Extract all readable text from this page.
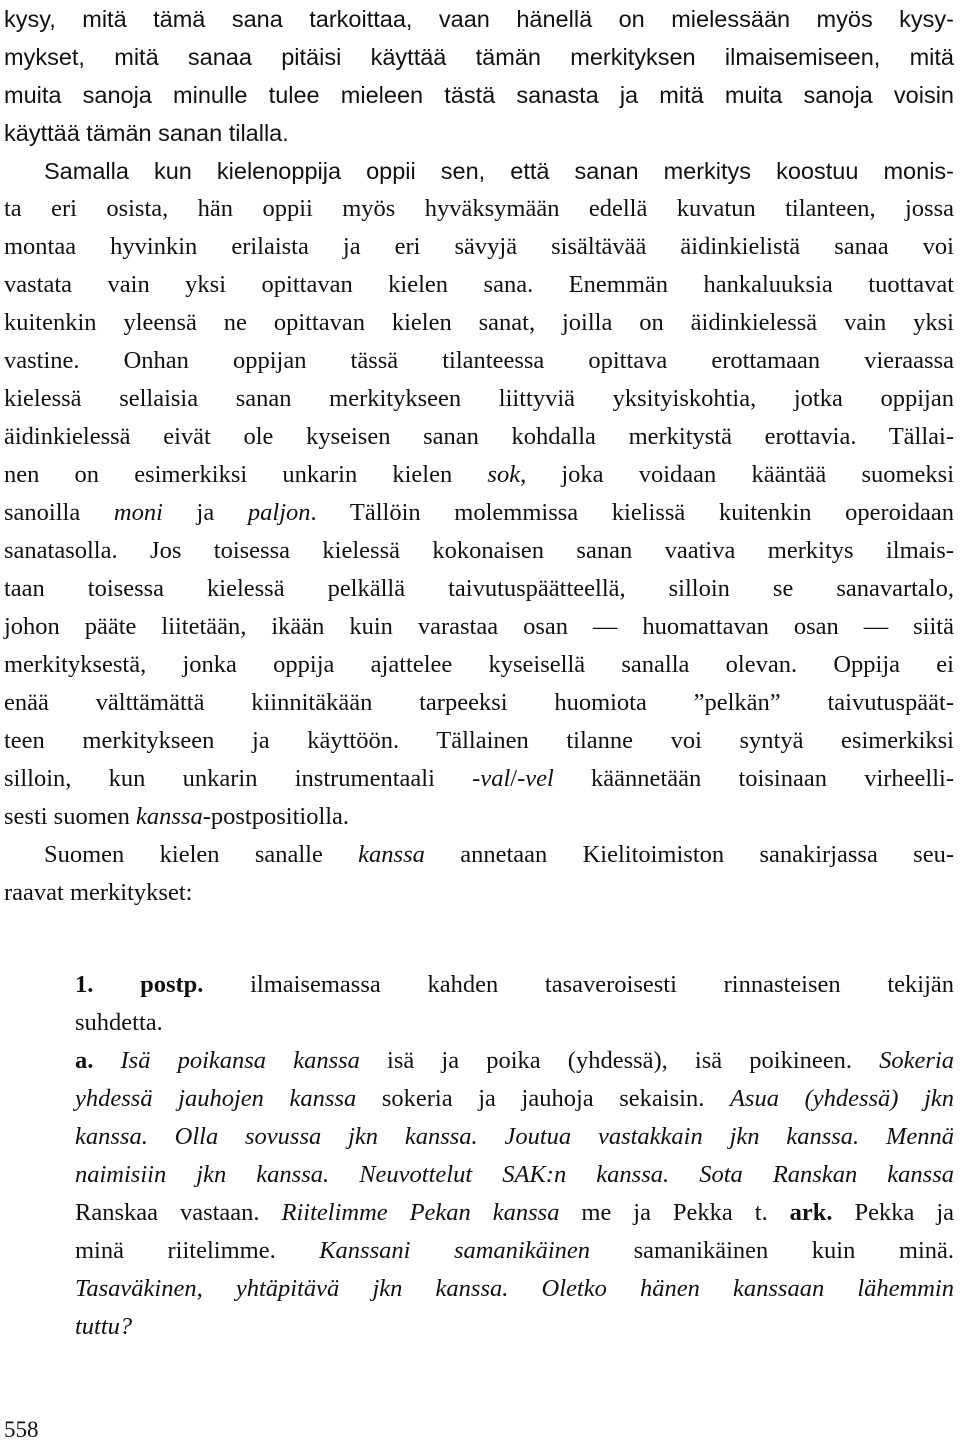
kysy, mitä tämä sana tarkoittaa, vaan hänellä on mielessään myös kysy-

mykset, mitä sanaa pitäisi käyttää tämän merkityksen ilmaisemiseen, mitä

muita sanoja minulle tulee mieleen tästä sanasta ja mitä muita sanoja voisin

käyttää tämän sanan tilalla.

Samalla kun kielenoppija oppii sen, että sanan merkitys koostuu monis-

ta eri osista, hän oppii myös hyväksymään edellä kuvatun tilanteen, jossa

montaa hyvinkin erilaista ja eri sävyjä sisältävää äidinkielistä sanaa voi

vastata vain yksi opittavan kielen sana. Enemmän hankaluuksia tuottavat

kuitenkin yleensä ne opittavan kielen sanat, joilla on äidinkielessä vain yksi

vastine. Onhan oppijan tässä tilanteessa opittava erottamaan vieraassa

kielessä sellaisia sanan merkitykseen liittyviä yksityiskohtia, jotka oppijan

äidinkielessä eivät ole kyseisen sanan kohdalla merkitystä erottavia. Tällai-

nen on esimerkiksi unkarin kielen sok, joka voidaan kääntää suomeksi

sanoilla moni ja paljon. Tällöin molemmissa kielissä kuitenkin operoidaan

sanatasolla. Jos toisessa kielessä kokonaisen sanan vaativa merkitys ilmais-

taan toisessa kielessä pelkällä taivutuspäätteellä, silloin se sanavartalo,

johon pääte liitetään, ikään kuin varastaa osan — huomattavan osan — siitä

merkityksestä, jonka oppija ajattelee kyseisellä sanalla olevan. Oppija ei

enää välttämättä kiinnitäkään tarpeeksi huomiota ”pelkän” taivutuspäät-

teen merkitykseen ja käyttöön. Tällainen tilanne voi syntyä esimerkiksi

silloin, kun unkarin instrumentaali -val/-vel käännetään toisinaan virheelli-

sesti suomen kanssa-postpositiolla.

Suomen kielen sanalle kanssa annetaan Kielitoimiston sanakirjassa seu-

raavat merkitykset:

1. postp. ilmaisemassa kahden tasaveroisesti rinnasteisen tekijän

suhdetta.

a. Isä poikansa kanssa isä ja poika (yhdessä), isä poikineen. Sokeria

yhdessä jauhojen kanssa sokeria ja jauhoja sekaisin. Asua (yhdessä) jkn

kanssa. Olla sovussa jkn kanssa. Joutua vastakkain jkn kanssa. Mennä

naimisiin jkn kanssa. Neuvottelut SAK:n kanssa. Sota Ranskan kanssa

Ranskaa vastaan. Riitelimme Pekan kanssa me ja Pekka t. ark. Pekka ja

minä riitelimme. Kanssani samanikäinen samanikäinen kuin minä.

Tasaväkinen, yhtäpitävä jkn kanssa. Oletko hänen kanssaan lähemmin

tuttu?

558
